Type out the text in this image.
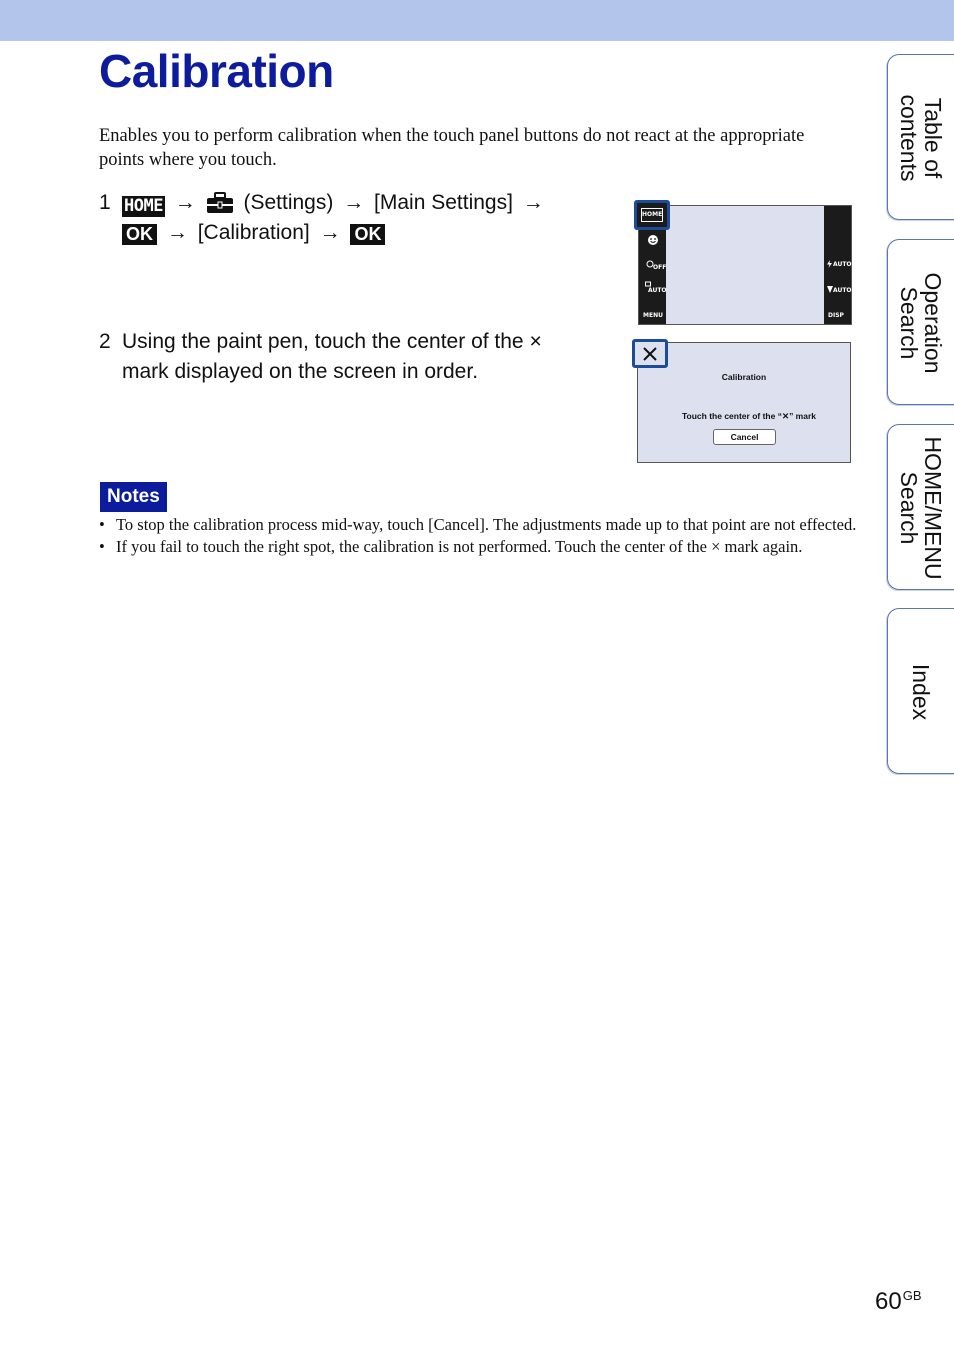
Calibration

Enables you to perform calibration when the touch panel buttons do not react at the appropriate points where you touch.

1 HOME → (Settings) → [Main Settings] →
OK → [Calibration] → OK
2 Using the paint pen, touch the center of the ×
mark displayed on the screen in order.
OFF
AUTO
MENU
AUTO
AUTO
DISP
HOME
Calibration
Touch the center of the “✕” mark
Cancel
Notes
• To stop the calibration process mid-way, touch [Cancel]. The adjustments made up to that point are not effected.
• If you fail to touch the right spot, the calibration is not performed. Touch the center of the × mark again.
Table of
contents
Operation
Search
HOME/MENU
Search
Index
$60^{GB}$
